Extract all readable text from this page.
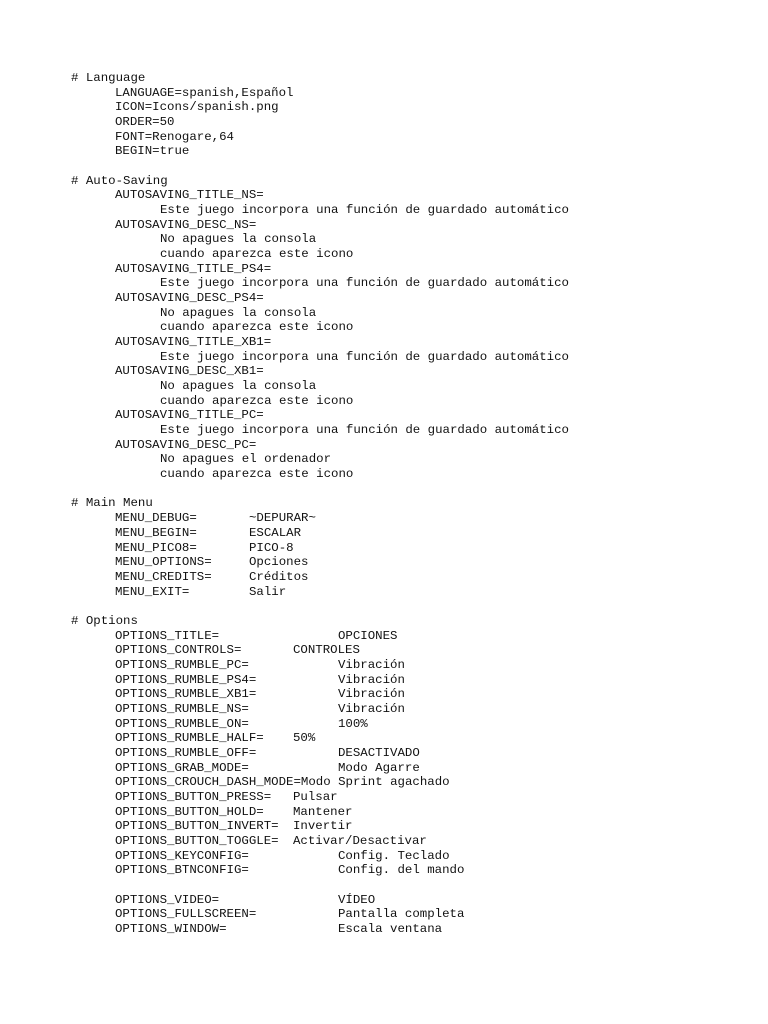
# Language
LANGUAGE=spanish,Español
ICON=Icons/spanish.png
ORDER=50
FONT=Renogare,64
BEGIN=true
# Auto-Saving
AUTOSAVING_TITLE_NS=
Este juego incorpora una función de guardado automático
AUTOSAVING_DESC_NS=
No apagues la consola
cuando aparezca este icono
AUTOSAVING_TITLE_PS4=
Este juego incorpora una función de guardado automático
AUTOSAVING_DESC_PS4=
No apagues la consola
cuando aparezca este icono
AUTOSAVING_TITLE_XB1=
Este juego incorpora una función de guardado automático
AUTOSAVING_DESC_XB1=
No apagues la consola
cuando aparezca este icono
AUTOSAVING_TITLE_PC=
Este juego incorpora una función de guardado automático
AUTOSAVING_DESC_PC=
No apagues el ordenador
cuando aparezca este icono
# Main Menu
MENU_DEBUG=	~DEPURAR~
MENU_BEGIN=	ESCALAR
MENU_PICO8=	PICO-8
MENU_OPTIONS=	Opciones
MENU_CREDITS=	Créditos
MENU_EXIT=	Salir
# Options
OPTIONS_TITLE=	OPCIONES
OPTIONS_CONTROLS=	CONTROLES
OPTIONS_RUMBLE_PC=	Vibración
OPTIONS_RUMBLE_PS4=	Vibración
OPTIONS_RUMBLE_XB1=	Vibración
OPTIONS_RUMBLE_NS=	Vibración
OPTIONS_RUMBLE_ON=	100%
OPTIONS_RUMBLE_HALF= 50%
OPTIONS_RUMBLE_OFF=	DESACTIVADO
OPTIONS_GRAB_MODE=	Modo Agarre
OPTIONS_CROUCH_DASH_MODE=Modo Sprint agachado
OPTIONS_BUTTON_PRESS= Pulsar
OPTIONS_BUTTON_HOLD= Mantener
OPTIONS_BUTTON_INVERT= Invertir
OPTIONS_BUTTON_TOGGLE= Activar/Desactivar
OPTIONS_KEYCONFIG=	Config. Teclado
OPTIONS_BTNCONFIG=	Config. del mando
OPTIONS_VIDEO=	VÍDEO
OPTIONS_FULLSCREEN=	Pantalla completa
OPTIONS_WINDOW=	Escala ventana
